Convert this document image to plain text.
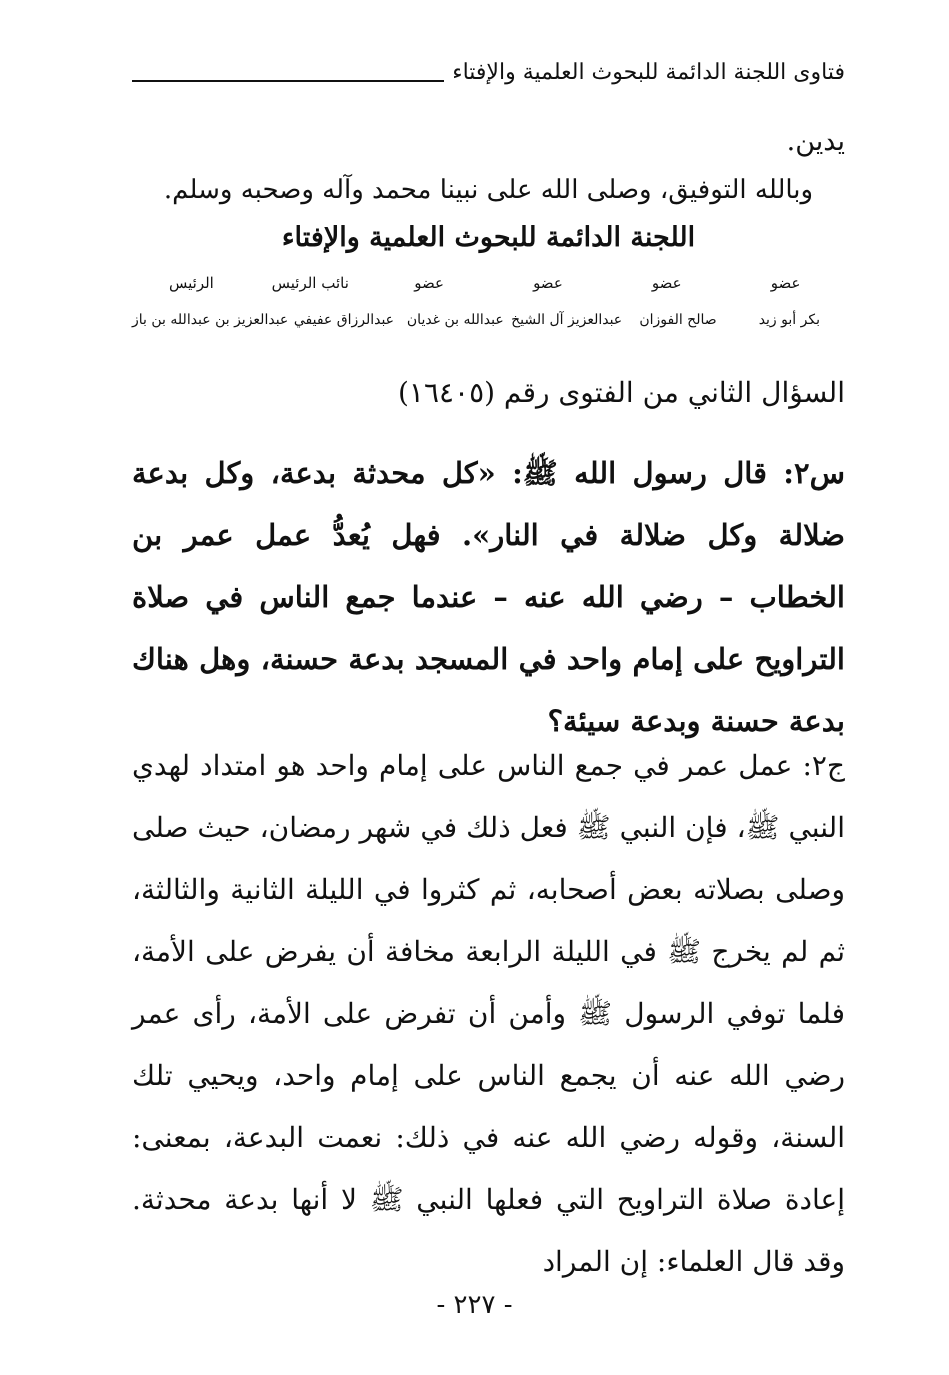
فتاوى اللجنة الدائمة للبحوث العلمية والإفتاء
يدين.
وبالله التوفيق، وصلى الله على نبينا محمد وآله وصحبه وسلم.
اللجنة الدائمة للبحوث العلمية والإفتاء
عضو
عضو
عضو
عضو
نائب الرئيس
الرئيس
بكر أبو زيد
صالح الفوزان
عبدالعزيز آل الشيخ
عبدالله بن غديان
عبدالرزاق عفيفي
عبدالعزيز بن عبدالله بن باز
السؤال الثاني من الفتوى رقم (١٦٤٠٥)

س٢: قال رسول الله ﷺ: «كل محدثة بدعة، وكل بدعة ضلالة وكل ضلالة في النار». فهل يُعدُّ عمل عمر بن الخطاب – رضي الله عنه – عندما جمع الناس في صلاة التراويح على إمام واحد في المسجد بدعة حسنة، وهل هناك بدعة حسنة وبدعة سيئة؟

ج٢: عمل عمر في جمع الناس على إمام واحد هو امتداد لهدي النبي ﷺ، فإن النبي ﷺ فعل ذلك في شهر رمضان، حيث صلى وصلى بصلاته بعض أصحابه، ثم كثروا في الليلة الثانية والثالثة، ثم لم يخرج ﷺ في الليلة الرابعة مخافة أن يفرض على الأمة، فلما توفي الرسول ﷺ وأمن أن تفرض على الأمة، رأى عمر رضي الله عنه أن يجمع الناس على إمام واحد، ويحيي تلك السنة، وقوله رضي الله عنه في ذلك: نعمت البدعة، بمعنى: إعادة صلاة التراويح التي فعلها النبي ﷺ لا أنها بدعة محدثة. وقد قال العلماء: إن المراد

- ٢٢٧ -
